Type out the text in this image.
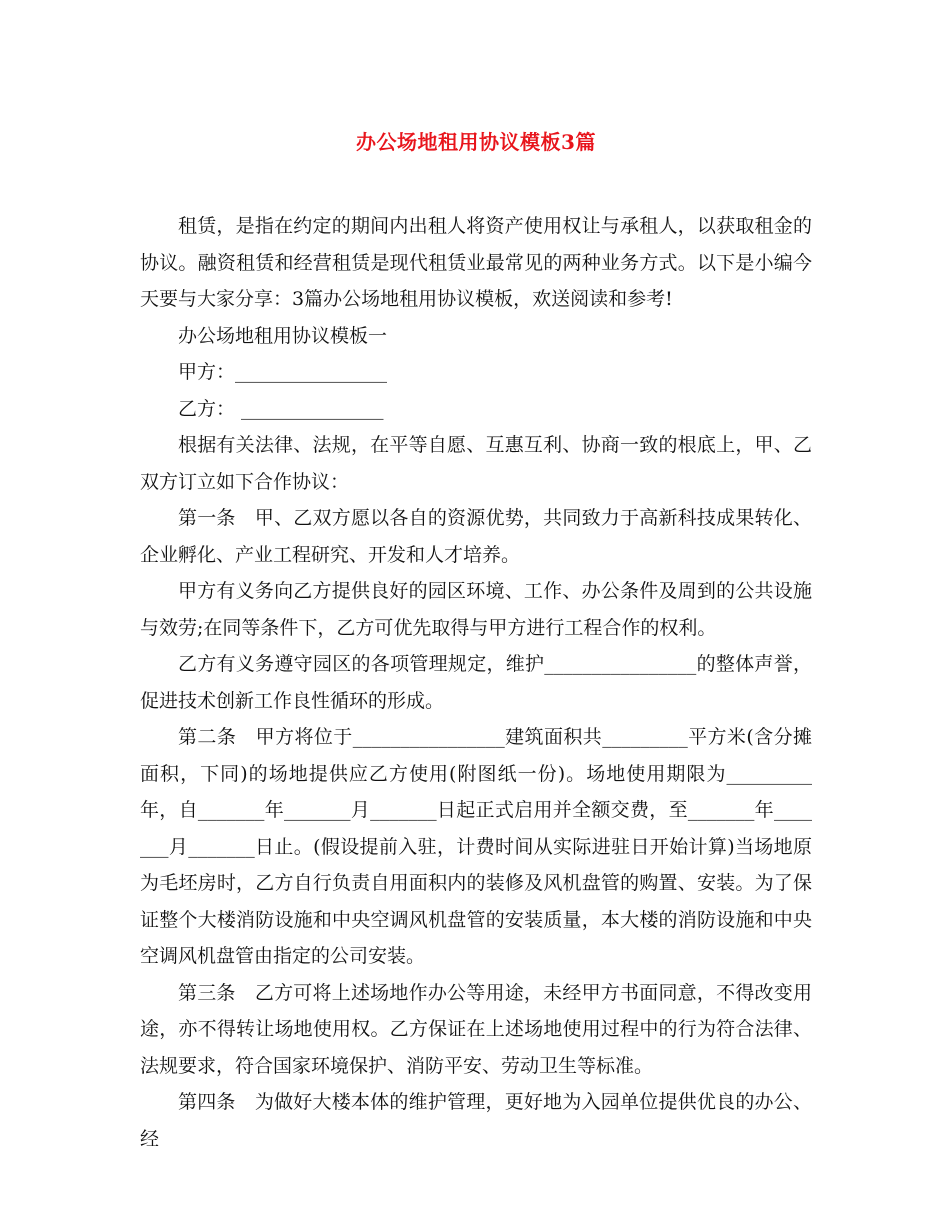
办公场地租用协议模板3篇

租赁，是指在约定的期间内出租人将资产使用权让与承租人，以获取租金的协议。融资租赁和经营租赁是现代租赁业最常见的两种业务方式。以下是小编今天要与大家分享：3篇办公场地租用协议模板，欢送阅读和参考!

办公场地租用协议模板一

甲方：________________

乙方： _______________

根据有关法律、法规，在平等自愿、互惠互利、协商一致的根底上，甲、乙双方订立如下合作协议：

第一条　甲、乙双方愿以各自的资源优势，共同致力于高新科技成果转化、企业孵化、产业工程研究、开发和人才培养。

甲方有义务向乙方提供良好的园区环境、工作、办公条件及周到的公共设施与效劳;在同等条件下，乙方可优先取得与甲方进行工程合作的权利。

乙方有义务遵守园区的各项管理规定，维护________________的整体声誉，促进技术创新工作良性循环的形成。

第二条　甲方将位于________________建筑面积共_________平方米(含分摊面积，下同)的场地提供应乙方使用(附图纸一份)。场地使用期限为_________年，自_______年_______月_______日起正式启用并全额交费，至_______年_______月_______日止。(假设提前入驻，计费时间从实际进驻日开始计算)当场地原为毛坯房时，乙方自行负责自用面积内的装修及风机盘管的购置、安装。为了保证整个大楼消防设施和中央空调风机盘管的安装质量，本大楼的消防设施和中央空调风机盘管由指定的公司安装。

第三条　乙方可将上述场地作办公等用途，未经甲方书面同意，不得改变用途，亦不得转让场地使用权。乙方保证在上述场地使用过程中的行为符合法律、法规要求，符合国家环境保护、消防平安、劳动卫生等标准。

第四条　为做好大楼本体的维护管理，更好地为入园单位提供优良的办公、经
